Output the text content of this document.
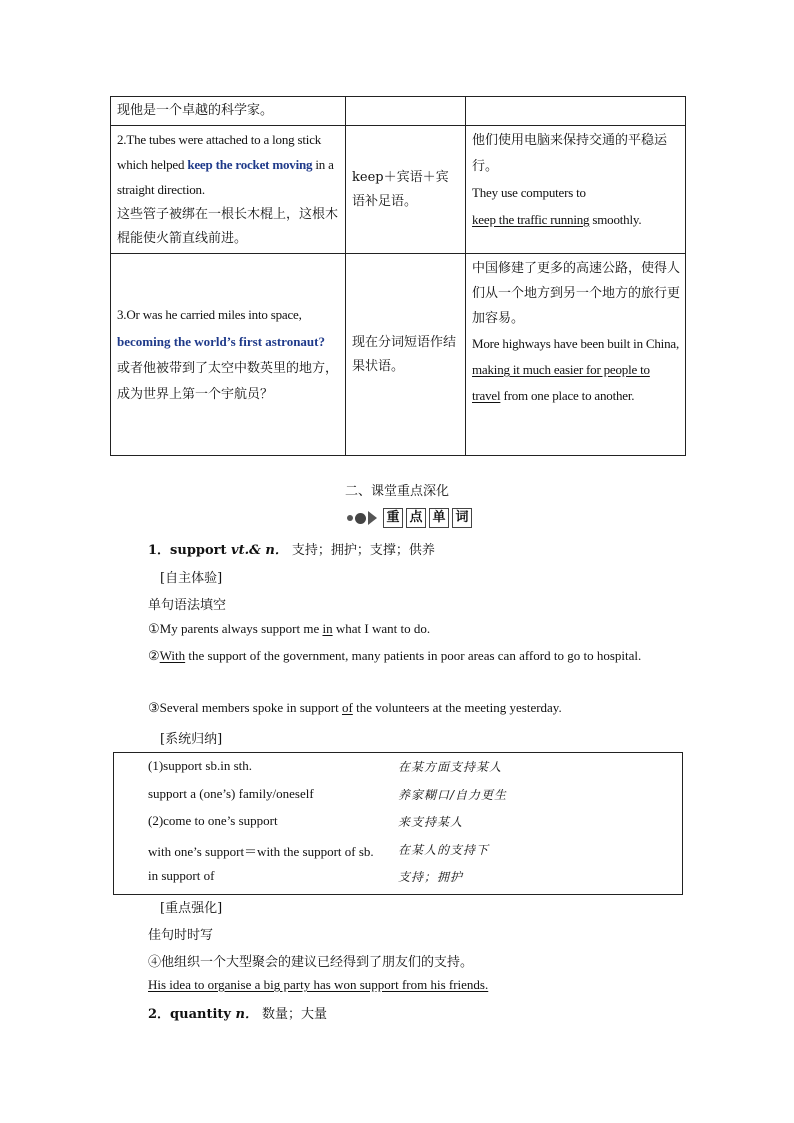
现他是一个卓越的科学家。		
2.The tubes were attached to a long stick which helped keep the rocket moving in a straight direction.
这些管子被绑在一根长木棍上，这根木棍能使火箭直线前进。	keep＋宾语＋宾语补足语。	他们使用电脑来保持交通的平稳运行。
They use computers to
keep the traffic running smoothly.
3.Or was he carried miles into space,
becoming the world’s first astronaut?
或者他被带到了太空中数英里的地方，成为世界上第一个宇航员？	现在分词短语作结果状语。	中国修建了更多的高速公路，使得人们从一个地方到另一个地方的旅行更加容易。
More highways have been built in China,
making it much easier for people to travel from one place to another.
二、课堂重点深化
重 点 单 词
1．support vt.& n． 支持；拥护；支撑；供养
[自主体验]
单句语法填空
①My parents always support me in what I want to do.
②With the support of the government, many patients in poor areas can afford to go to hospital.
③Several members spoke in support of the volunteers at the meeting yesterday.
[系统归纳]
(1)support sb.in sth.	在某方面支持某人
support a (one’s) family/oneself	养家糊口/自力更生
(2)come to one’s support	来支持某人
with one’s support＝with the support of sb. 在某人的支持下
in support of	支持；拥护
[重点强化]
佳句时时写
④他组织一个大型聚会的建议已经得到了朋友们的支持。
His idea to organise a big party has won support from his friends.
2．quantity n． 数量；大量
